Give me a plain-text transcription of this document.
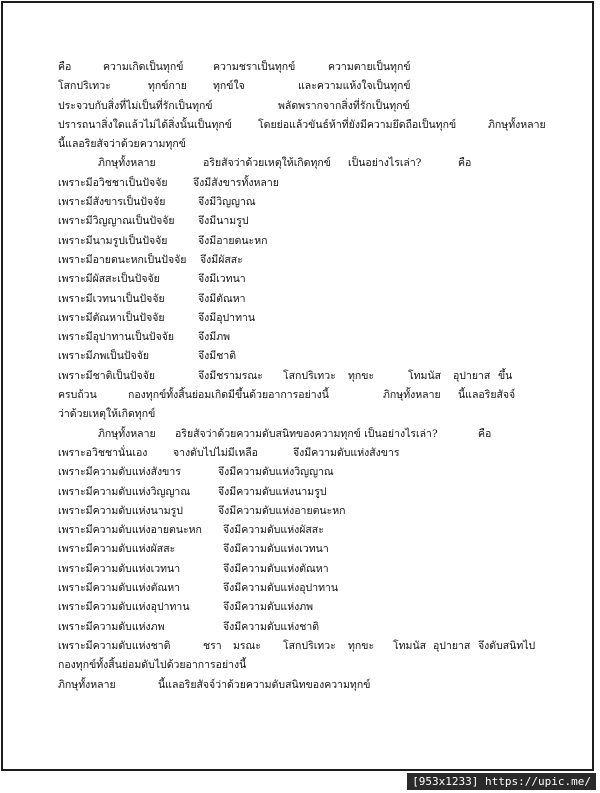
คือ	ความเกิดเป็นทุกข์	ความชราเป็นทุกข์	ความตายเป็นทุกข์
โสกปริเทวะ	ทุกข์กาย ทุกข์ใจ	และความแห้งใจเป็นทุกข์
ประจวบกับสิ่งที่ไม่เป็นที่รักเป็นทุกข์	พลัดพรากจากสิ่งที่รักเป็นทุกข์
ปรารถนาสิ่งใดแล้วไม่ได้สิ่งนั้นเป็นทุกข์ โดยย่อแล้วขันธ์ห้าที่ยังมีความยึดถือเป็นทุกข์	ภิกษุทั้งหลาย
นี้แลอริยสัจว่าด้วยความทุกข์
ภิกษุทั้งหลาย	อริยสัจว่าด้วยเหตุให้เกิดทุกข์ เป็นอย่างไรเล่า?	คือ
เพราะมีอวิชชาเป็นปัจจัย จึงมีสังขารทั้งหลาย
เพราะมีสังขารเป็นปัจจัย	จึงมีวิญญาณ
เพราะมีวิญญาณเป็นปัจจัย จึงมีนามรูป
เพราะมีนามรูปเป็นปัจจัย	จึงมีอายตนะหก
เพราะมีอายตนะหกเป็นปัจจัย จึงมีผัสสะ
เพราะมีผัสสะเป็นปัจจัย	จึงมีเวทนา
เพราะมีเวทนาเป็นปัจจัย	จึงมีตัณหา
เพราะมีตัณหาเป็นปัจจัย	จึงมีอุปาทาน
เพราะมีอุปาทานเป็นปัจจัย จึงมีภพ
เพราะมีภพเป็นปัจจัย	จึงมีชาติ
เพราะมีชาติเป็นปัจจัย	จึงมีชรามรณะ โสกปริเทวะ ทุกขะ	โทมนัส อุปายาส ขึ้น
ครบถ้วน	กองทุกข์ทั้งสิ้นย่อมเกิดมีขึ้นด้วยอาการอย่างนี้	ภิกษุทั้งหลาย นี้แลอริยสัจจ์
ว่าด้วยเหตุให้เกิดทุกข์
ภิกษุทั้งหลาย อริยสัจว่าด้วยความดับสนิทของความทุกข์ เป็นอย่างไรเล่า?	คือ
เพราะอวิชชานั่นเอง จางดับไปไม่มีเหลือ	จึงมีความดับแห่งสังขาร
เพราะมีความดับแห่งสังขาร	จึงมีความดับแห่งวิญญาณ
เพราะมีความดับแห่งวิญญาณ	จึงมีความดับแห่งนามรูป
เพราะมีความดับแห่งนามรูป	จึงมีความดับแห่งอายตนะหก
เพราะมีความดับแห่งอายตนะหก จึงมีความดับแห่งผัสสะ
เพราะมีความดับแห่งผัสสะ	จึงมีความดับแห่งเวทนา
เพราะมีความดับแห่งเวทนา	จึงมีความดับแห่งตัณหา
เพราะมีความดับแห่งตัณหา	จึงมีความดับแห่งอุปาทาน
เพราะมีความดับแห่งอุปาทาน	จึงมีความดับแห่งภพ
เพราะมีความดับแห่งภพ	จึงมีความดับแห่งชาติ
เพราะมีความดับแห่งชาติ	ชรา มรณะ โสกปริเทวะ ทุกขะ โทมนัส อุปายาส จึงดับสนิทไป
กองทุกข์ทั้งสิ้นย่อมดับไปด้วยอาการอย่างนี้
ภิกษุทั้งหลาย	นี้แลอริยสัจจ์ว่าด้วยความดับสนิทของความทุกข์
[953x1233] https://upic.me/
